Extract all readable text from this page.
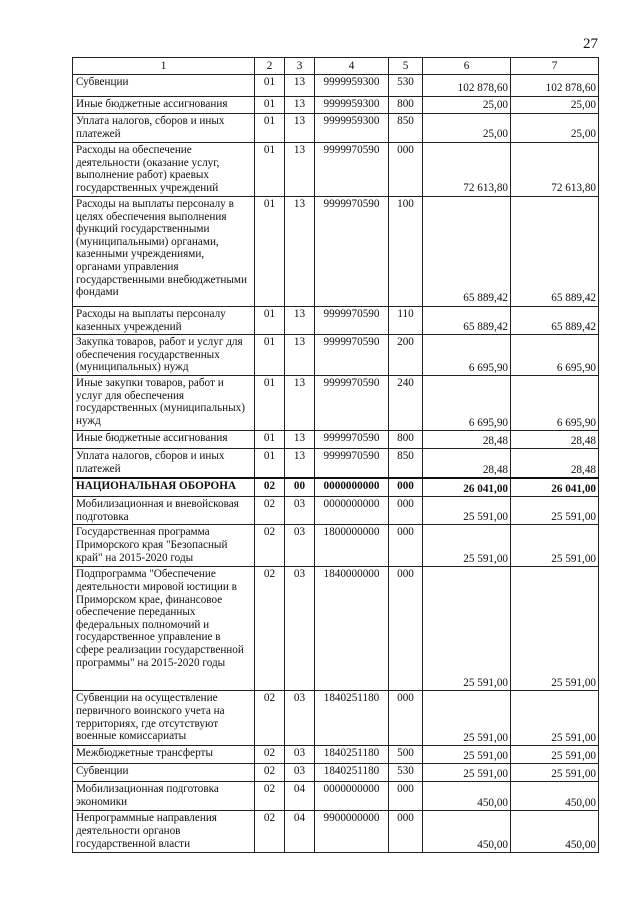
27
1	2	3	4	5	6	7
Субвенции	01	13	9999959300	530	102 878,60	102 878,60
Иные бюджетные ассигнования	01	13	9999959300	800	25,00	25,00
Уплата налогов, сборов и иных платежей	01	13	9999959300	850	25,00	25,00
Расходы на обеспечение деятельности (оказание услуг, выполнение работ) краевых государственных учреждений	01	13	9999970590	000	72 613,80	72 613,80
Расходы на выплаты персоналу в целях обеспечения выполнения функций государственными (муниципальными) органами, казенными учреждениями, органами управления государственными внебюджетными фондами	01	13	9999970590	100	65 889,42	65 889,42
Расходы на выплаты персоналу казенных учреждений	01	13	9999970590	110	65 889,42	65 889,42
Закупка товаров, работ и услуг для обеспечения государственных (муниципальных) нужд	01	13	9999970590	200	6 695,90	6 695,90
Иные закупки товаров, работ и услуг для обеспечения государственных (муниципальных) нужд	01	13	9999970590	240	6 695,90	6 695,90
Иные бюджетные ассигнования	01	13	9999970590	800	28,48	28,48
Уплата налогов, сборов и иных платежей	01	13	9999970590	850	28,48	28,48
НАЦИОНАЛЬНАЯ ОБОРОНА	02	00	0000000000	000	26 041,00	26 041,00
Мобилизационная и вневойсковая подготовка	02	03	0000000000	000	25 591,00	25 591,00
Государственная программа Приморского края "Безопасный край" на 2015-2020 годы	02	03	1800000000	000	25 591,00	25 591,00
Подпрограмма "Обеспечение деятельности мировой юстиции в Приморском крае, финансовое обеспечение переданных федеральных полномочий и государственное управление в сфере реализации государственной программы" на 2015-2020 годы	02	03	1840000000	000	25 591,00	25 591,00
Субвенции на осуществление первичного воинского учета на территориях, где отсутствуют военные комиссариаты	02	03	1840251180	000	25 591,00	25 591,00
Межбюджетные трансферты	02	03	1840251180	500	25 591,00	25 591,00
Субвенции	02	03	1840251180	530	25 591,00	25 591,00
Мобилизационная подготовка экономики	02	04	0000000000	000	450,00	450,00
Непрограммные направления деятельности органов государственной власти	02	04	9900000000	000	450,00	450,00
